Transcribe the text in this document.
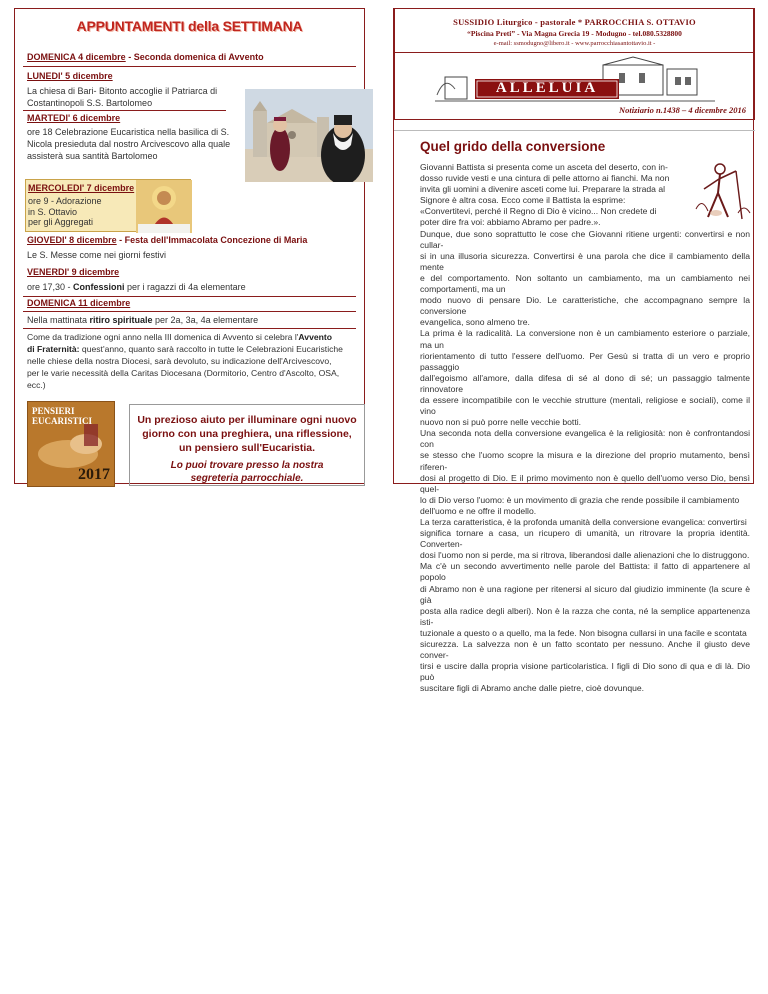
APPUNTAMENTI della SETTIMANA
DOMENICA 4 dicembre - Seconda domenica di Avvento
LUNEDI' 5 dicembre
La chiesa di Bari- Bitonto accoglie il Patriarca di
Costantinopoli S.S. Bartolomeo
MARTEDI' 6 dicembre
ore 18 Celebrazione Eucaristica nella basilica di S.
Nicola presieduta dal nostro Arcivescovo alla quale
assisterà sua santità Bartolomeo
MERCOLEDI' 7 dicembre
ore 9 - Adorazione
in S. Ottavio
per gli Aggregati
GIOVEDI' 8 dicembre - Festa dell'Immacolata Concezione di Maria
Le S. Messe come nei giorni festivi
VENERDI' 9 dicembre
ore 17,30 - Confessioni per i ragazzi di 4a elementare
DOMENICA 11 dicembre
Nella mattinata ritiro spirituale per 2a, 3a, 4a elementare
Come da tradizione ogni anno nella III domenica di Avvento si celebra l'Avvento
di Fraternità: quest'anno, quanto sarà raccolto in tutte le Celebrazioni Eucaristiche
nelle chiese della nostra Diocesi, sarà devoluto, su indicazione dell'Arcivescovo,
per le varie necessità della Caritas Diocesana (Dormitorio, Centro d'Ascolto, OSA,
ecc.)
PENSIERI
EUCARISTICI
2017
Un prezioso aiuto per illuminare ogni nuovo
giorno con una preghiera, una riflessione,
un pensiero sull'Eucaristia.
Lo puoi trovare presso la nostra
segreteria parrocchiale.
SUSSIDIO Liturgico - pastorale * PARROCCHIA S. OTTAVIO
“Piscina Preti” - Via Magna Grecia 19 - Modugno - tel.080.5328800
e-mail: ssmodugno@libero.it - www.parrocchiasantottavio.it -
ALLELUIA
Notiziario n.1438 – 4 dicembre 2016
Quel grido della conversione
Giovanni Battista si presenta come un asceta del deserto, con in-
dosso ruvide vesti e una cintura di pelle attorno ai fianchi. Ma non
invita gli uomini a divenire asceti come lui. Preparare la strada al
Signore è altra cosa. Ecco come il Battista la esprime:
«Convertitevi, perché il Regno di Dio è vicino... Non credete di
poter dire fra voi: abbiamo Abramo per padre.».
Dunque, due sono soprattutto le cose che Giovanni ritiene urgenti: convertirsi e non cullar-
si in una illusoria sicurezza. Convertirsi è una parola che dice il cambiamento della mente
e del comportamento. Non soltanto un cambiamento, ma un cambiamento nei comportamenti, ma un
modo nuovo di pensare Dio. Le caratteristiche, che accompagnano sempre la conversione
evangelica, sono almeno tre.
La prima è la radicalità. La conversione non è un cambiamento esteriore o parziale, ma un
riorientamento di tutto l'essere dell'uomo. Per Gesù si tratta di un vero e proprio passaggio
dall'egoismo all'amore, dalla difesa di sé al dono di sé; un passaggio talmente rinnovatore
da essere incompatibile con le vecchie strutture (mentali, religiose e sociali), come il vino
nuovo non si può porre nelle vecchie botti.
Una seconda nota della conversione evangelica è la religiosità: non è confrontandosi con
se stesso che l'uomo scopre la misura e la direzione del proprio mutamento, bensì riferen-
dosi al progetto di Dio. E il primo movimento non è quello dell'uomo verso Dio, bensì quel-
lo di Dio verso l'uomo: è un movimento di grazia che rende possibile il cambiamento
dell'uomo e ne offre il modello.
La terza caratteristica, è la profonda umanità della conversione evangelica: convertirsi
significa tornare a casa, un ricupero di umanità, un ritrovare la propria identità. Converten-
dosi l'uomo non si perde, ma si ritrova, liberandosi dalle alienazioni che lo distruggono.
Ma c'è un secondo avvertimento nelle parole del Battista: il fatto di appartenere al popolo
di Abramo non è una ragione per ritenersi al sicuro dal giudizio imminente (la scure è già
posta alla radice degli alberi). Non è la razza che conta, né la semplice appartenenza isti-
tuzionale a questo o a quello, ma la fede. Non bisogna cullarsi in una facile e scontata
sicurezza. La salvezza non è un fatto scontato per nessuno. Anche il giusto deve conver-
tirsi e uscire dalla propria visione particolaristica. I figli di Dio sono di qua e di là. Dio può
suscitare figli di Abramo anche dalle pietre, cioè dovunque.
